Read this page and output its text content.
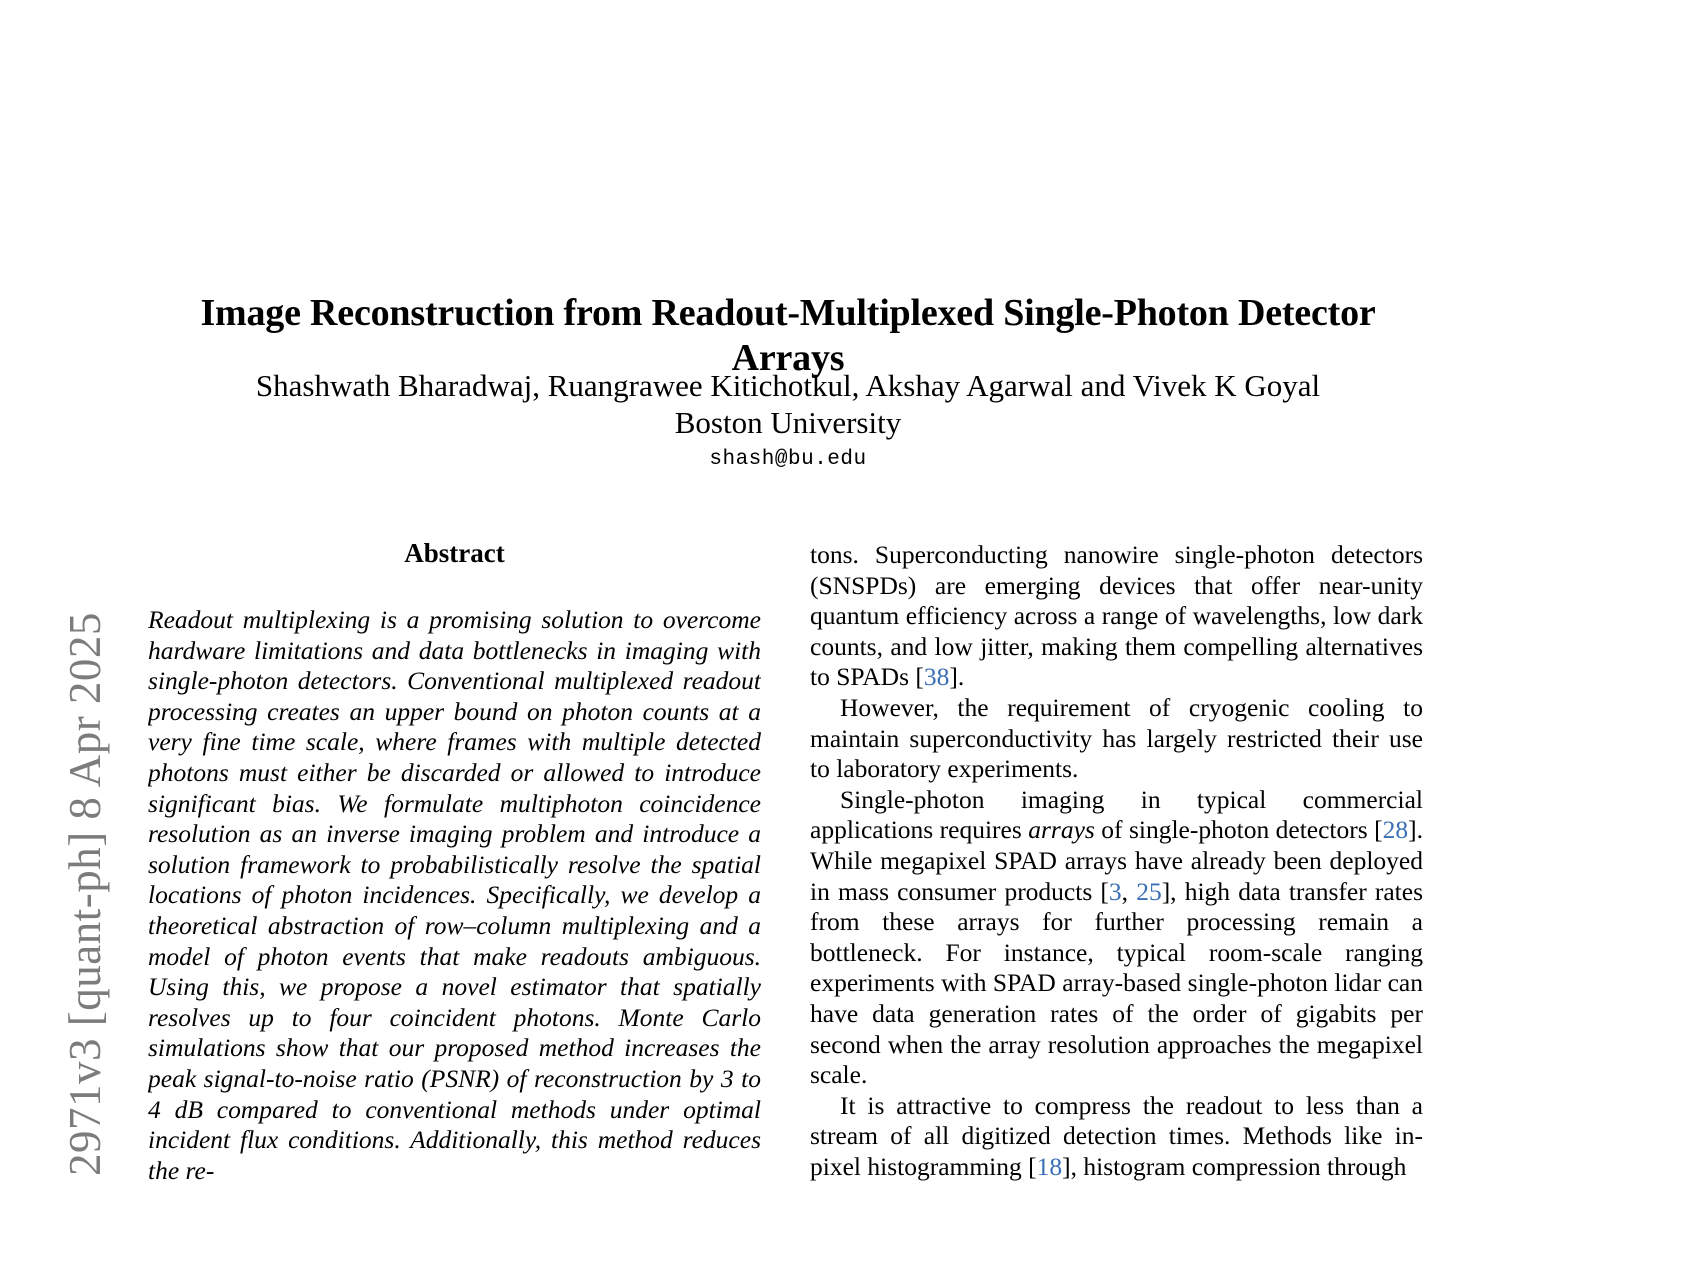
2971v3 [quant-ph] 8 Apr 2025
Image Reconstruction from Readout-Multiplexed Single-Photon Detector Arrays
Shashwath Bharadwaj, Ruangrawee Kitichotkul, Akshay Agarwal and Vivek K Goyal
Boston University
shash@bu.edu
Abstract

Readout multiplexing is a promising solution to overcome hardware limitations and data bottlenecks in imaging with single-photon detectors. Conventional multiplexed readout processing creates an upper bound on photon counts at a very fine time scale, where frames with multiple detected photons must either be discarded or allowed to introduce significant bias. We formulate multiphoton coincidence resolution as an inverse imaging problem and introduce a solution framework to probabilistically resolve the spatial locations of photon incidences. Specifically, we develop a theoretical abstraction of row–column multiplexing and a model of photon events that make readouts ambiguous. Using this, we propose a novel estimator that spatially resolves up to four coincident photons. Monte Carlo simulations show that our proposed method increases the peak signal-to-noise ratio (PSNR) of reconstruction by 3 to 4 dB compared to conventional methods under optimal incident flux conditions. Additionally, this method reduces the re-

tons. Superconducting nanowire single-photon detectors (SNSPDs) are emerging devices that offer near-unity quantum efficiency across a range of wavelengths, low dark counts, and low jitter, making them compelling alternatives to SPADs [38].

However, the requirement of cryogenic cooling to maintain superconductivity has largely restricted their use to laboratory experiments.

Single-photon imaging in typical commercial applications requires arrays of single-photon detectors [28]. While megapixel SPAD arrays have already been deployed in mass consumer products [3, 25], high data transfer rates from these arrays for further processing remain a bottleneck. For instance, typical room-scale ranging experiments with SPAD array-based single-photon lidar can have data generation rates of the order of gigabits per second when the array resolution approaches the megapixel scale.

It is attractive to compress the readout to less than a stream of all digitized detection times. Methods like in-pixel histogramming [18], histogram compression through
